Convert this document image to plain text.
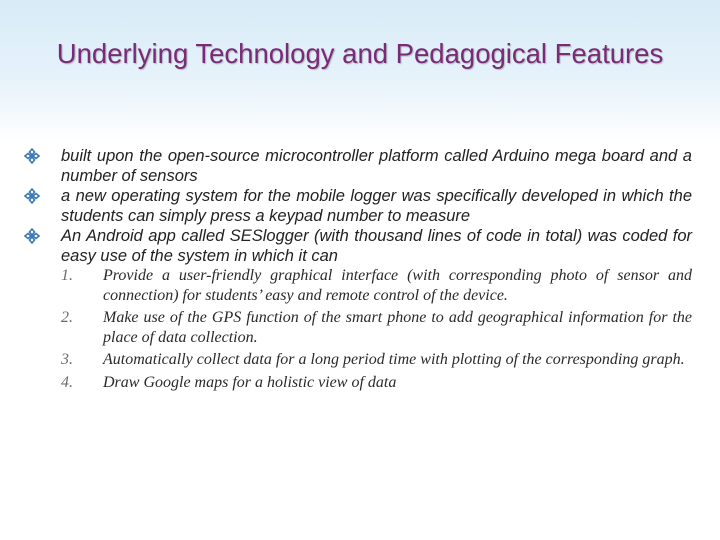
Underlying Technology and Pedagogical Features
built upon the open-source microcontroller platform called Arduino mega board and a number of sensors
a new operating system for the mobile logger was specifically developed in which the students can simply press a keypad number to measure
An Android app called SESlogger (with thousand lines of code in total) was coded for easy use of the system in which it can
1. Provide a user-friendly graphical interface (with corresponding photo of sensor and connection) for students’ easy and remote control of the device.
2. Make use of the GPS function of the smart phone to add geographical information for the place of data collection.
3. Automatically collect data for a long period time with plotting of the corresponding graph.
4. Draw Google maps for a holistic view of data
